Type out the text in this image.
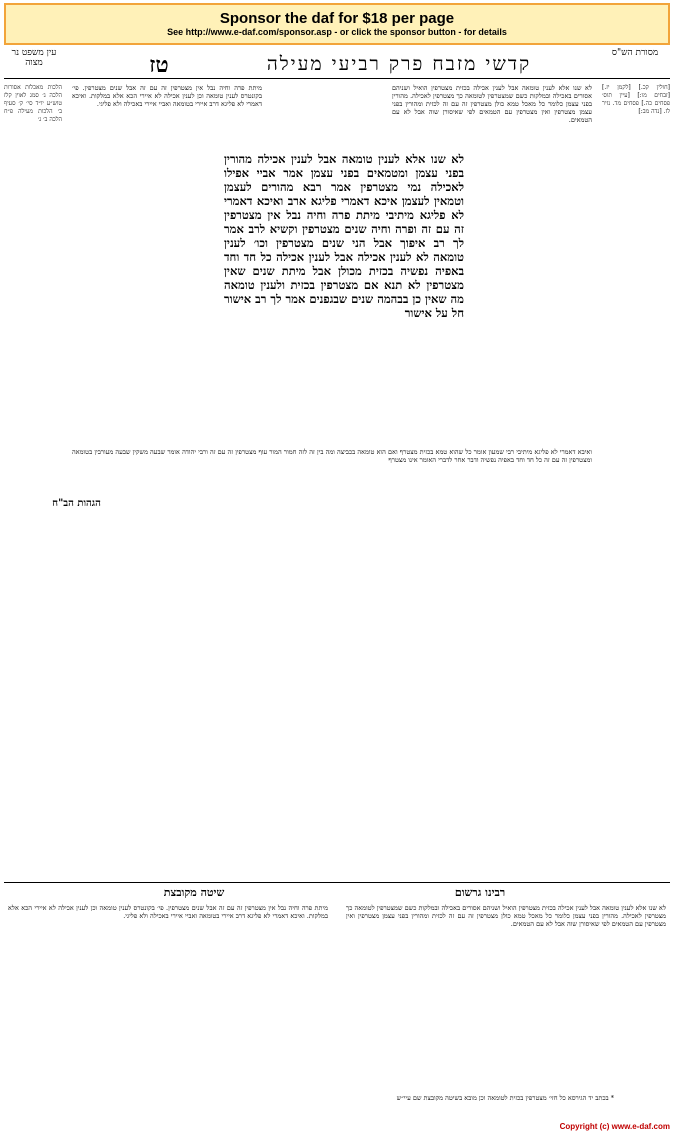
Sponsor the daf for $18 per page
See http://www.e-daf.com/sponsor.asp - or click the sponsor button - for details
מסורת הש"ס
קדשי מזבח פרק רביעי מעילה
טז
עין משפט נר מצוה
[חולין קכ.] [לקמן יז.] [זבחים מו:] [עיין תוס׳ פסחים כה.] פסחים מד. נזיר לז. [נדה מב:]
הלכות מאכלות אסורות הלכה ג׳ סמג לאוין קלז טוש״ע יו״ד סי׳ ק׳ סעיף ב׳ הלכות מעילה פ״ח הלכה ב׳ ג׳
לא שנו אלא לענין טומאה אבל לענין אכילה בכזית מצטרפין הואיל ושניהם אסורים באכילה ובמלקות כשם שמצטרפין לטומאה כך מצטרפין לאכילה. מהורין בפני עצמן כלומר כל מאכל טמא כולן מצטרפין זה עם זה לכזית ומהורין בפני עצמן מצטרפין ואין מצטרפין עם הטמאים לפי שאיסורן שוה אבל לא עם הטמאים.
מיתת פרה וחיה נבל אין מצטרפין זה עם זה אבל שנים מצטרפין. פי׳ בקונטרס לענין טומאה וכן לענין אכילה לא איירי הכא אלא במלקות. ואיכא דאמרי לא פליגא דרב איירי בטומאה ואביי איירי באכילה ולא פליגי.
לא שנו אלא לענין טומאה אבל לענין אכילה מהורין בפני עצמן ומטמאים בפני עצמן אמר אביי אפילו לאכילה נמי מצטרפין אמר רבא מהורים לעצמן וטמאין לעצמן איכא דאמרי פליגא ארב ואיכא דאמרי לא פליגא מיתיבי מיתת פרה וחיה נבל אין מצטרפין זה עם זה ופרה וחיה שנים מצטרפין וקשיא לרב אמר לך רב איפוך אבל הני שנים מצטרפין וכו׳ לענין טומאה לא לענין אכילה אבל לענין אכילה כל חד וחד באפיה נפשיה בכזית מכולן אבל מיתת שנים שאין מצטרפין לא תנא אם מצטרפין בכזית ולענין טומאה מה שאין כן בבהמה שנים שבגפנים אמר לך רב אישור חל על אישור
ואיבא דאמרי לא פליגא מיתיבי רבי שמעון אומר כל שהוא טמא בכזית מצטרף ואם הוא טומאה בכביצה ומה בין זה לזה חמור המור עוף מצטרפין זה עם זה ורבי יהודה אומר שבעה משקין שבעה מעורבין בטומאה ומצטרפין זה עם זה כל חד וחד באפיה נפשיה ודבר אחר לדברי האומר אינו מצטרף
הגהות הב"ח
רבינו גרשום
שיטה מקובצת
לא שנו אלא לענין טומאה אבל לענין אכילה בכזית מצטרפין הואיל ושניהם אסורים באכילה ובמלקות כשם שמצטרפין לטומאה כך מצטרפין לאכילה. מהורין בפני עצמן כלומר כל מאכל טמא כולן מצטרפין זה עם זה לכזית ומהורין בפני עצמן מצטרפין ואין מצטרפין עם הטמאים לפי שאיסורן שוה אבל לא עם הטמאים.
מיתת פרה וחיה נבל אין מצטרפין זה עם זה אבל שנים מצטרפין. פי׳ בקונטרס לענין טומאה וכן לענין אכילה לא איירי הכא אלא במלקות. ואיכא דאמרי לא פליגא דרב איירי בטומאה ואביי איירי באכילה ולא פליגי.
* בכתב יד הגירסא כל חזי׳ מצטרפין בכזית לטומאה וכן מובא בשיטה מקובצת שם עיי״ש
Copyright (c) www.e-daf.com
